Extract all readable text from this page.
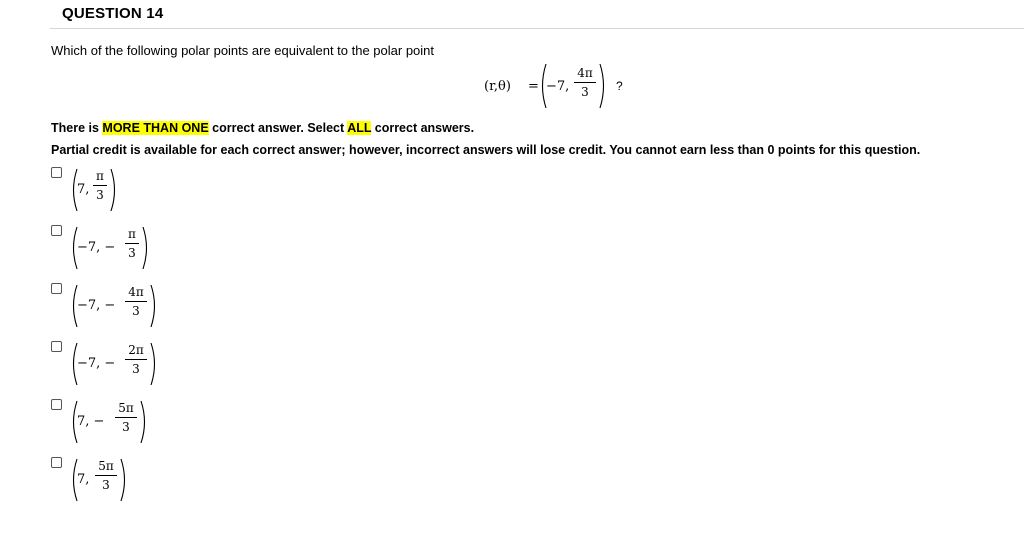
QUESTION 14
Which of the following polar points are equivalent to the polar point
(r,θ) = −7,
4π
3	?
There is MORE THAN ONE correct answer. Select ALL correct answers.
Partial credit is available for each correct answer; however, incorrect answers will lose credit. You cannot earn less than 0 points for this question.
7,
π
3
−7, −
π
3
−7, −
4π
3
−7, −
2π
3
7, −
5π
3
7,
5π
3
